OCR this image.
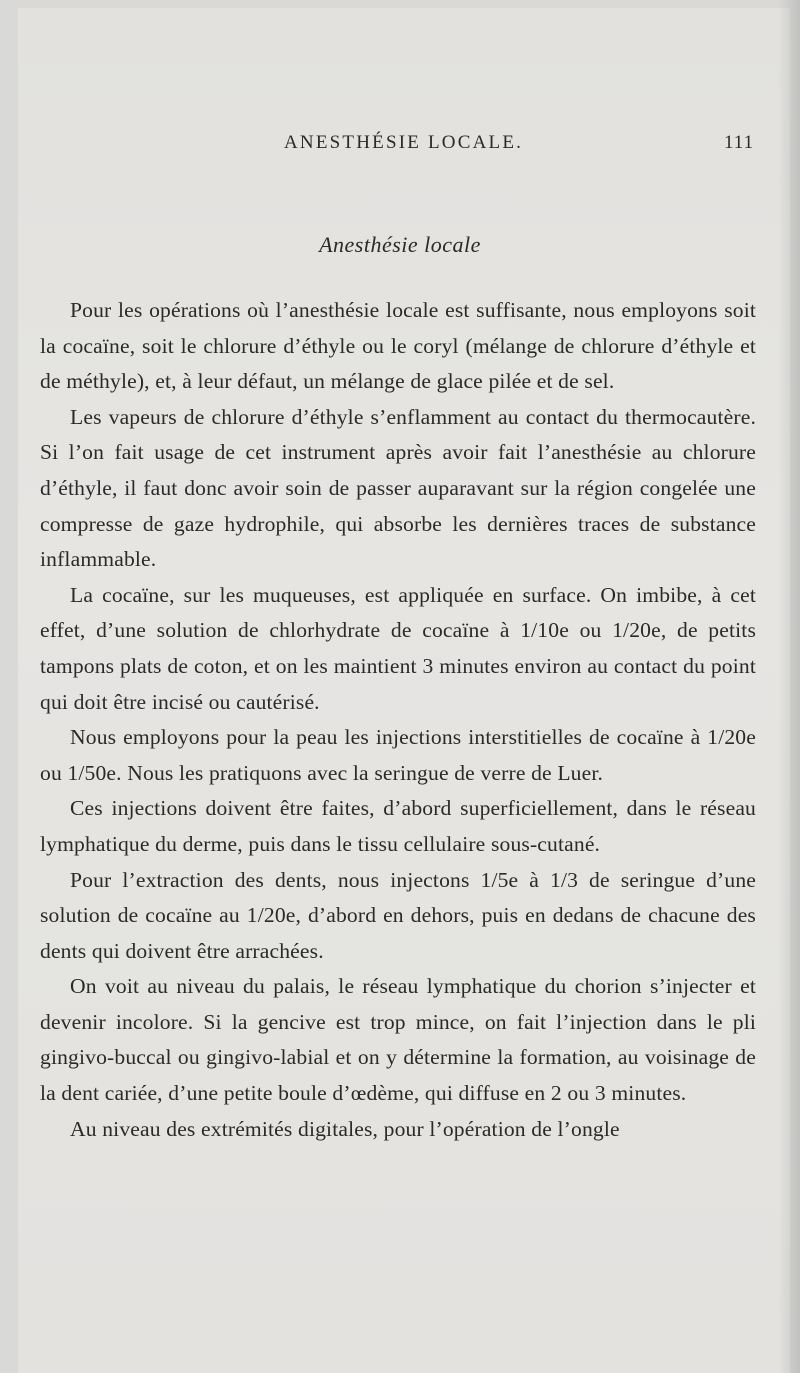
ANESTHÉSIE LOCALE.	111
Anesthésie locale

Pour les opérations où l’anesthésie locale est suffisante, nous employons soit la cocaïne, soit le chlorure d’éthyle ou le coryl (mélange de chlorure d’éthyle et de méthyle), et, à leur défaut, un mélange de glace pilée et de sel.

Les vapeurs de chlorure d’éthyle s’enflamment au contact du thermocautère. Si l’on fait usage de cet instrument après avoir fait l’anesthésie au chlorure d’éthyle, il faut donc avoir soin de passer auparavant sur la région congelée une compresse de gaze hydrophile, qui absorbe les dernières traces de substance inflammable.

La cocaïne, sur les muqueuses, est appliquée en surface. On imbibe, à cet effet, d’une solution de chlorhydrate de cocaïne à 1/10e ou 1/20e, de petits tampons plats de coton, et on les maintient 3 minutes environ au contact du point qui doit être incisé ou cautérisé.

Nous employons pour la peau les injections interstitielles de cocaïne à 1/20e ou 1/50e. Nous les pratiquons avec la seringue de verre de Luer.

Ces injections doivent être faites, d’abord superficiellement, dans le réseau lymphatique du derme, puis dans le tissu cellulaire sous-cutané.

Pour l’extraction des dents, nous injectons 1/5e à 1/3 de seringue d’une solution de cocaïne au 1/20e, d’abord en dehors, puis en dedans de chacune des dents qui doivent être arrachées.

On voit au niveau du palais, le réseau lymphatique du chorion s’injecter et devenir incolore. Si la gencive est trop mince, on fait l’injection dans le pli gingivo-buccal ou gingivo-labial et on y détermine la formation, au voisinage de la dent cariée, d’une petite boule d’œdème, qui diffuse en 2 ou 3 minutes.

Au niveau des extrémités digitales, pour l’opération de l’ongle
